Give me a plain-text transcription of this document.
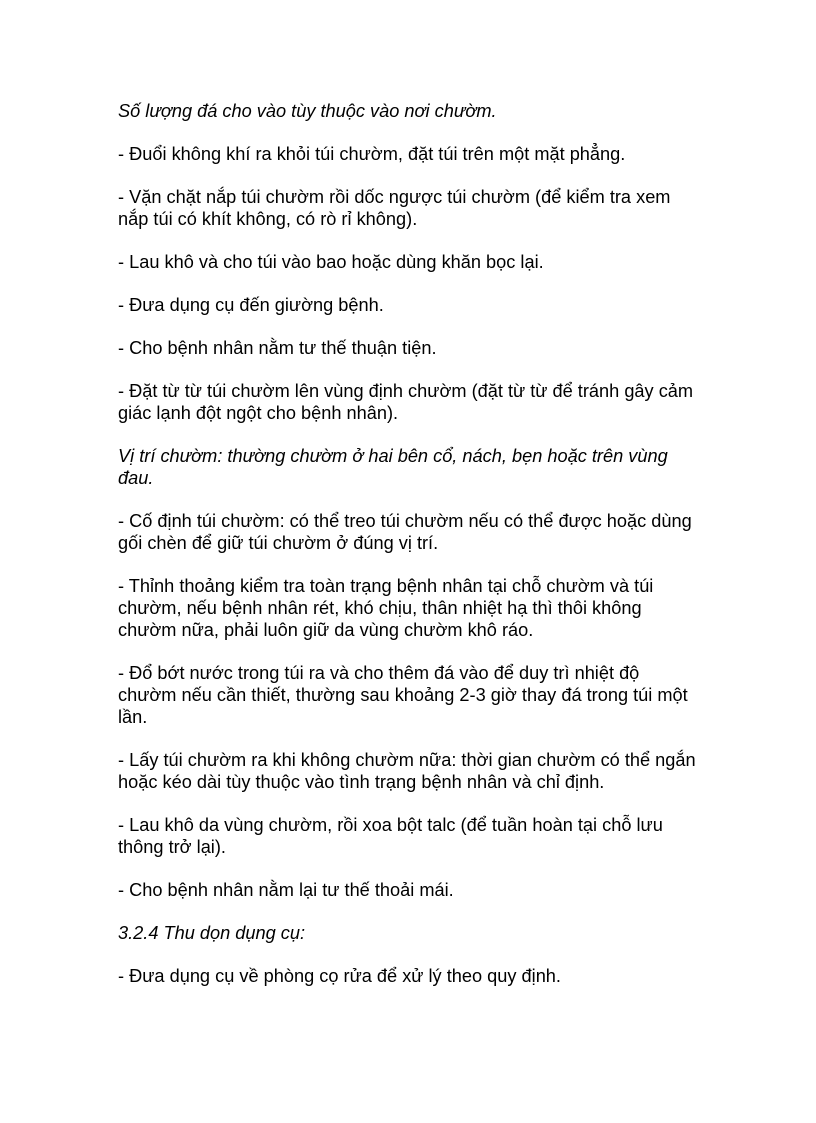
Số lượng đá cho vào tùy thuộc vào nơi chườm.

- Đuổi không khí ra khỏi túi chườm, đặt túi trên một mặt phẳng.

- Vặn chặt nắp túi chườm rồi dốc ngược túi chườm (để kiểm tra xem nắp túi có khít không, có rò rỉ không).

- Lau khô và cho túi vào bao hoặc dùng khăn bọc lại.

- Đưa dụng cụ đến giường bệnh.

- Cho bệnh nhân nằm tư thế thuận tiện.

- Đặt từ từ túi chườm lên vùng định chườm (đặt từ từ để tránh gây cảm giác lạnh đột ngột cho bệnh nhân).

Vị trí chườm: thường chườm ở hai bên cổ, nách, bẹn hoặc trên vùng đau.

- Cố định túi chườm: có thể treo túi chườm nếu có thể được hoặc dùng gối chèn để giữ túi chườm ở đúng vị trí.

- Thỉnh thoảng kiểm tra toàn trạng bệnh nhân tại chỗ chườm và túi chườm, nếu bệnh nhân rét, khó chịu, thân nhiệt hạ thì thôi không chườm nữa, phải luôn giữ da vùng chườm khô ráo.

- Đổ bớt nước trong túi ra và cho thêm đá vào để duy trì nhiệt độ chườm nếu cần thiết, thường sau khoảng 2-3 giờ thay đá trong túi một lần.

- Lấy túi chườm ra khi không chườm nữa: thời gian chườm có thể ngắn hoặc kéo dài tùy thuộc vào tình trạng bệnh nhân và chỉ định.

- Lau khô da vùng chườm, rồi xoa bột talc (để tuần hoàn tại chỗ lưu thông trở lại).

- Cho bệnh nhân nằm lại tư thế thoải mái.

3.2.4 Thu dọn dụng cụ:

- Đưa dụng cụ về phòng cọ rửa để xử lý theo quy định.
